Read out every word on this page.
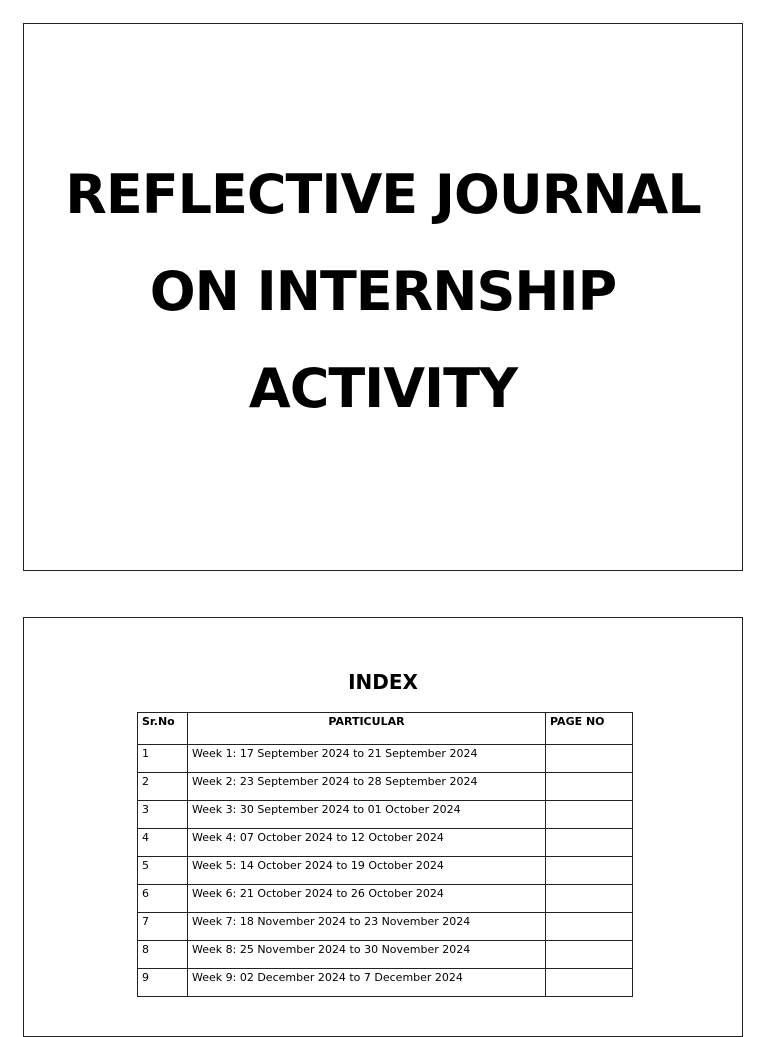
REFLECTIVE JOURNAL
ON INTERNSHIP
ACTIVITY
INDEX
Sr.No	PARTICULAR	PAGE NO
1	Week 1: 17 September 2024 to 21 September 2024	
2	Week 2: 23 September 2024 to 28 September 2024	
3	Week 3: 30 September 2024 to 01 October 2024	
4	Week 4: 07 October 2024 to 12 October 2024	
5	Week 5: 14 October 2024 to 19 October 2024	
6	Week 6: 21 October 2024 to 26 October 2024	
7	Week 7: 18 November 2024 to 23 November 2024	
8	Week 8: 25 November 2024 to 30 November 2024	
9	Week 9: 02 December 2024 to 7 December 2024	
